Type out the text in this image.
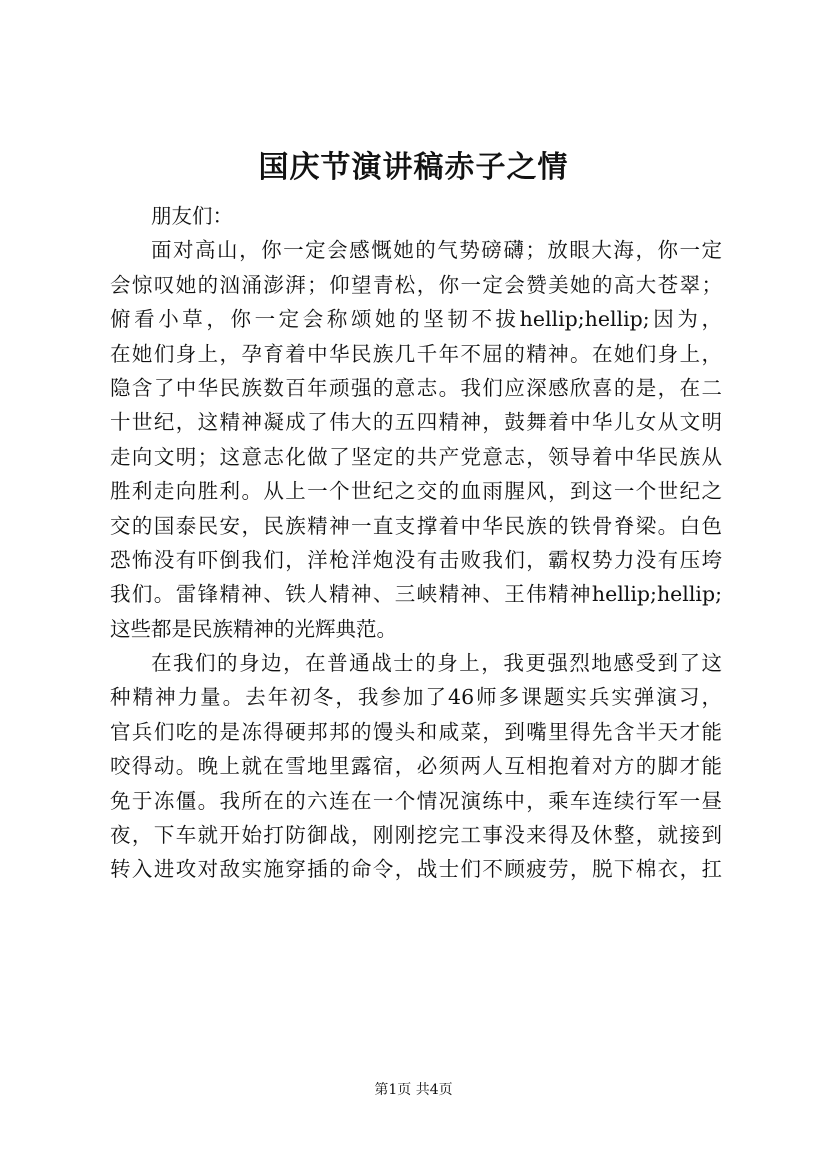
国庆节演讲稿赤子之情
朋友们：
面对高山，你一定会感慨她的气势磅礴；放眼大海，你一定
会惊叹她的汹涌澎湃；仰望青松，你一定会赞美她的高大苍翠；
俯看小草，你一定会称颂她的坚韧不拔hellip;hellip;因为，
在她们身上，孕育着中华民族几千年不屈的精神。在她们身上，
隐含了中华民族数百年顽强的意志。我们应深感欣喜的是，在二
十世纪，这精神凝成了伟大的五四精神，鼓舞着中华儿女从文明
走向文明；这意志化做了坚定的共产党意志，领导着中华民族从
胜利走向胜利。从上一个世纪之交的血雨腥风，到这一个世纪之
交的国泰民安，民族精神一直支撑着中华民族的铁骨脊梁。白色
恐怖没有吓倒我们，洋枪洋炮没有击败我们，霸权势力没有压垮
我们。雷锋精神、铁人精神、三峡精神、王伟精神hellip;hellip;
这些都是民族精神的光辉典范。
在我们的身边，在普通战士的身上，我更强烈地感受到了这
种精神力量。去年初冬，我参加了46师多课题实兵实弹演习，
官兵们吃的是冻得硬邦邦的馒头和咸菜，到嘴里得先含半天才能
咬得动。晚上就在雪地里露宿，必须两人互相抱着对方的脚才能
免于冻僵。我所在的六连在一个情况演练中，乘车连续行军一昼
夜，下车就开始打防御战，刚刚挖完工事没来得及休整，就接到
转入进攻对敌实施穿插的命令，战士们不顾疲劳，脱下棉衣，扛
第1页 共4页
